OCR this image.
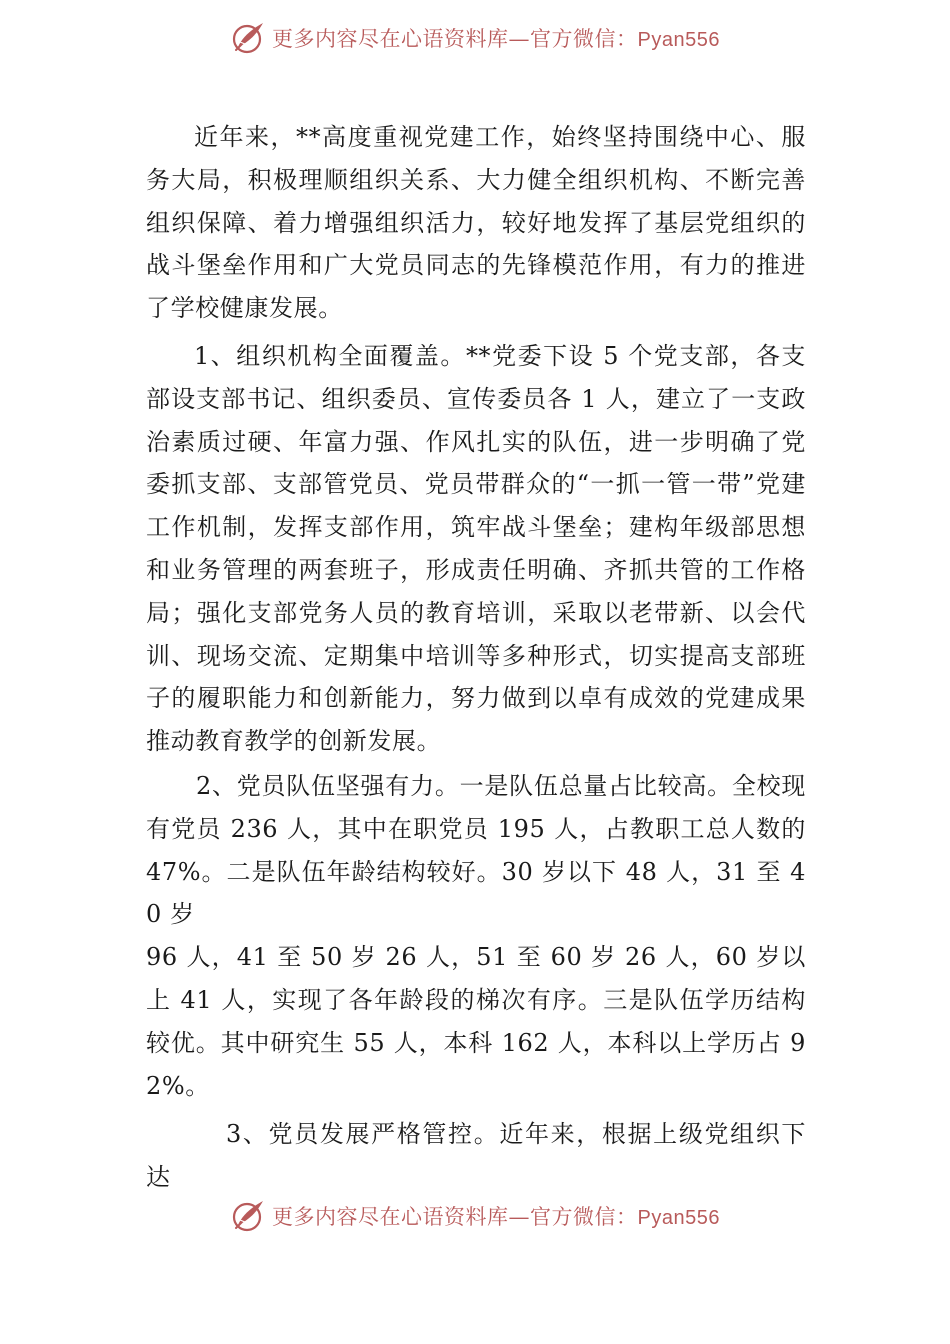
更多内容尽在心语资料库—官方微信：Pyan556

近年来，**高度重视党建工作，始终坚持围绕中心、服务大局，积极理顺组织关系、大力健全组织机构、不断完善组织保障、着力增强组织活力，较好地发挥了基层党组织的战斗堡垒作用和广大党员同志的先锋模范作用，有力的推进了学校健康发展。

1、组织机构全面覆盖。**党委下设 5 个党支部，各支部设支部书记、组织委员、宣传委员各 1 人，建立了一支政治素质过硬、年富力强、作风扎实的队伍，进一步明确了党委抓支部、支部管党员、党员带群众的“一抓一管一带”党建工作机制，发挥支部作用，筑牢战斗堡垒；建构年级部思想和业务管理的两套班子，形成责任明确、齐抓共管的工作格局；强化支部党务人员的教育培训，采取以老带新、以会代训、现场交流、定期集中培训等多种形式，切实提高支部班子的履职能力和创新能力，努力做到以卓有成效的党建成果推动教育教学的创新发展。

2、党员队伍坚强有力。一是队伍总量占比较高。全校现有党员 236 人，其中在职党员 195 人，占教职工总人数的47%。二是队伍年龄结构较好。30 岁以下 48 人，31 至 40 岁

96 人，41 至 50 岁 26 人，51 至 60 岁 26 人，60 岁以上 41 人，实现了各年龄段的梯次有序。三是队伍学历结构较优。其中研究生 55 人，本科 162 人，本科以上学历占 92%。

3、党员发展严格管控。近年来，根据上级党组织下达

更多内容尽在心语资料库—官方微信：Pyan556
